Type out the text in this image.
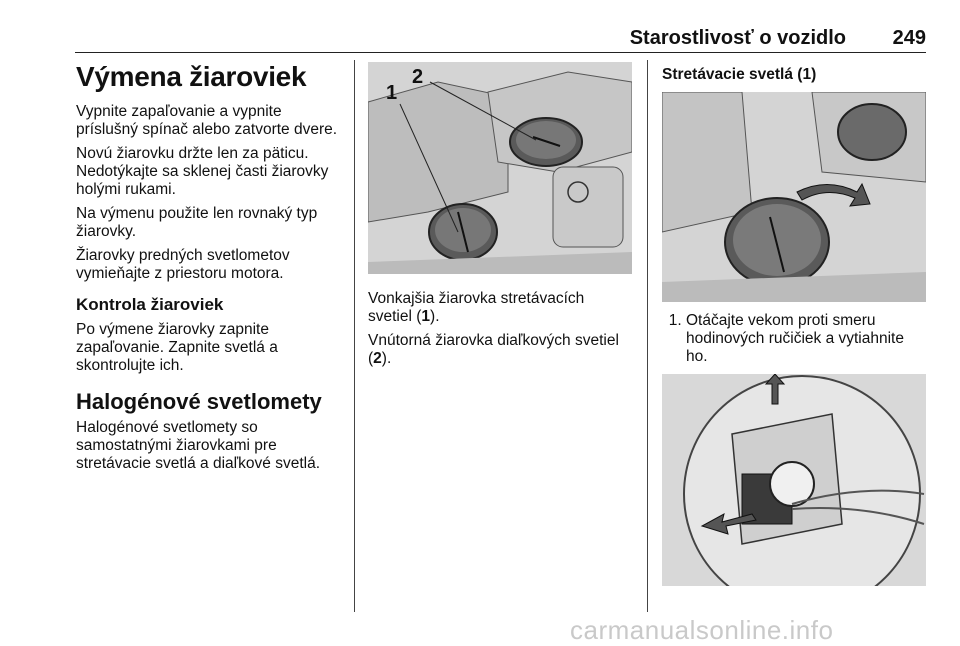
Starostlivosť o vozidlo 249
Výmena žiaroviek

Vypnite zapaľovanie a vypnite príslušný spínač alebo zatvorte dvere.

Novú žiarovku držte len za päticu. Nedotýkajte sa sklenej časti žiarovky holými rukami.

Na výmenu použite len rovnaký typ žiarovky.

Žiarovky predných svetlometov vymieňajte z priestoru motora.

Kontrola žiaroviek

Po výmene žiarovky zapnite zapaľovanie. Zapnite svetlá a skontrolujte ich.

Halogénové svetlomety

Halogénové svetlomety so samostatnými žiarovkami pre stretávacie svetlá a diaľkové svetlá.

1
2

Vonkajšia žiarovka stretávacích svetiel (1).

Vnútorná žiarovka diaľkových svetiel (2).

Stretávacie svetlá (1)
1. Otáčajte vekom proti smeru hodinových ručičiek a vytiahnite ho.
carmanualsonline.info
